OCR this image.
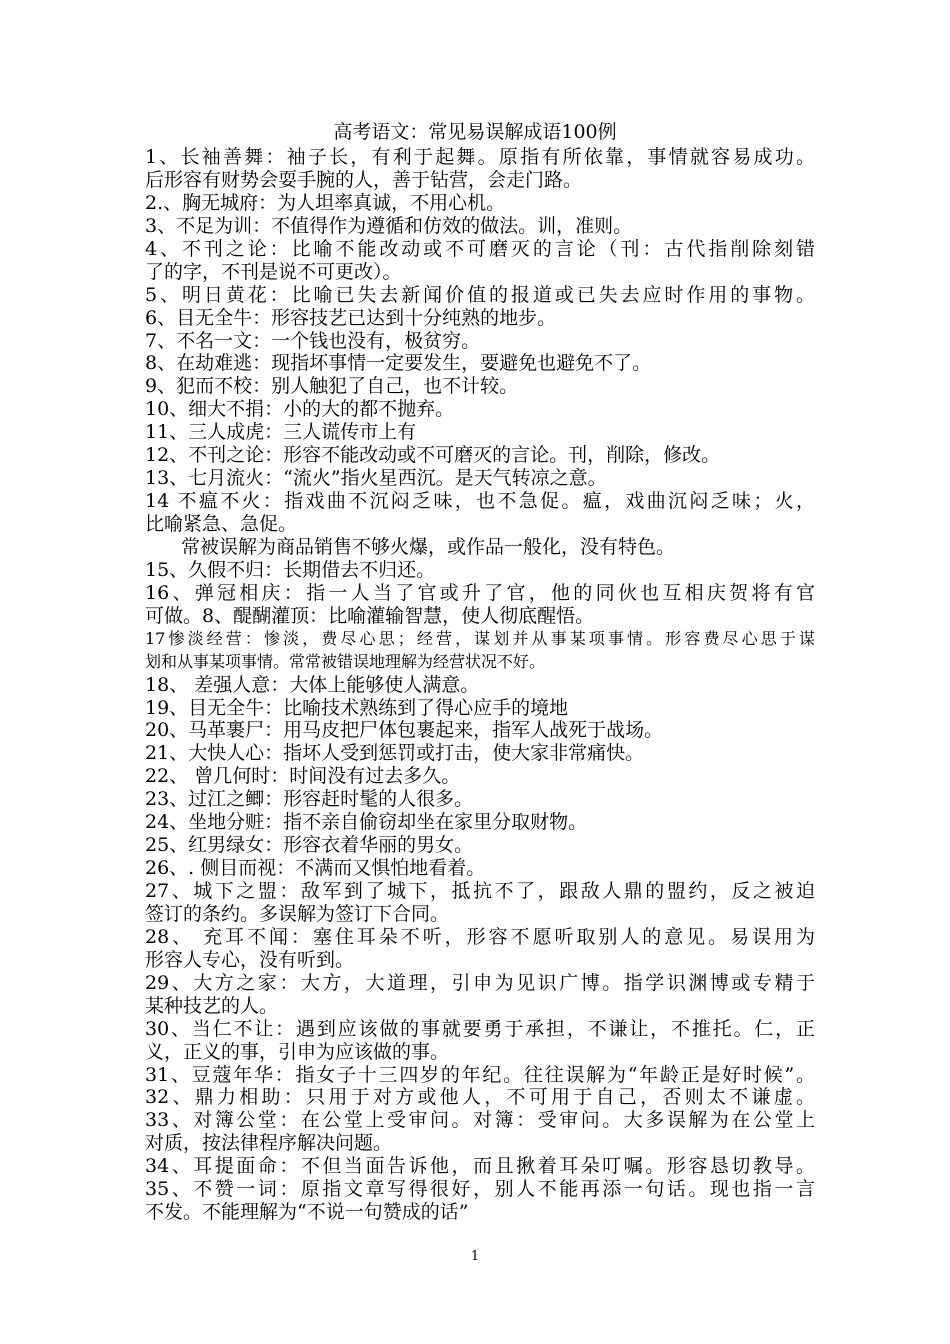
高考语文：常见易误解成语100例
1、长袖善舞：袖子长，有利于起舞。原指有所依靠，事情就容易成功。
后形容有财势会耍手腕的人，善于钻营，会走门路。
2.、胸无城府：为人坦率真诚，不用心机。
3、不足为训：不值得作为遵循和仿效的做法。训，准则。
4、不刊之论：比喻不能改动或不可磨灭的言论（刊：古代指削除刻错
了的字，不刊是说不可更改）。
5、明日黄花：比喻已失去新闻价值的报道或已失去应时作用的事物。
6、目无全牛：形容技艺已达到十分纯熟的地步。
7、不名一文：一个钱也没有，极贫穷。
8、在劫难逃：现指坏事情一定要发生，要避免也避免不了。
9、犯而不校：别人触犯了自己，也不计较。
10、细大不捐：小的大的都不抛弃。
11、三人成虎：三人谎传市上有
12、不刊之论：形容不能改动或不可磨灭的言论。刊，削除，修改。
13、七月流火：“流火”指火星西沉。是天气转凉之意。
14 不瘟不火：指戏曲不沉闷乏味，也不急促。瘟，戏曲沉闷乏味；火，
比喻紧急、急促。
常被误解为商品销售不够火爆，或作品一般化，没有特色。
15、久假不归：长期借去不归还。
16、弹冠相庆：指一人当了官或升了官，他的同伙也互相庆贺将有官
可做。8、醍醐灌顶：比喻灌输智慧，使人彻底醒悟。
17惨淡经营：惨淡，费尽心思；经营，谋划并从事某项事情。形容费尽心思于谋
划和从事某项事情。常常被错误地理解为经营状况不好。
18、 差强人意：大体上能够使人满意。
19、目无全牛：比喻技术熟练到了得心应手的境地
20、马革裹尸：用马皮把尸体包裹起来，指军人战死于战场。
21、大快人心：指坏人受到惩罚或打击，使大家非常痛快。
22、 曾几何时：时间没有过去多久。
23、过江之鲫：形容赶时髦的人很多。
24、坐地分赃：指不亲自偷窃却坐在家里分取财物。
25、红男绿女：形容衣着华丽的男女。
26、. 侧目而视：不满而又惧怕地看着。
27、城下之盟：敌军到了城下，抵抗不了，跟敌人鼎的盟约，反之被迫
签订的条约。多误解为签订下合同。
28、 充耳不闻：塞住耳朵不听，形容不愿听取别人的意见。易误用为
形容人专心，没有听到。
29、大方之家：大方，大道理，引申为见识广博。指学识渊博或专精于
某种技艺的人。
30、当仁不让：遇到应该做的事就要勇于承担，不谦让，不推托。仁，正
义，正义的事，引申为应该做的事。
31、豆蔻年华：指女子十三四岁的年纪。往往误解为“年龄正是好时候”。
32、鼎力相助：只用于对方或他人，不可用于自己，否则太不谦虚。
33、对簿公堂：在公堂上受审问。对簿：受审问。大多误解为在公堂上
对质，按法律程序解决问题。
34、耳提面命：不但当面告诉他，而且揪着耳朵叮嘱。形容恳切教导。
35、不赞一词：原指文章写得很好，别人不能再添一句话。现也指一言
不发。不能理解为“不说一句赞成的话”
1
